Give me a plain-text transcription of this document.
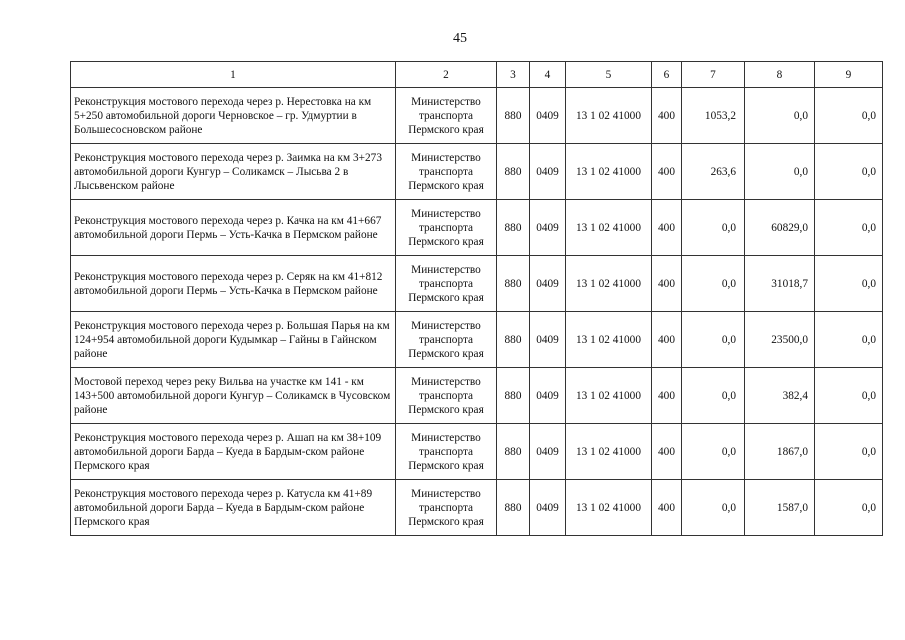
45
1	2	3	4	5	6	7	8	9
Реконструкция мостового перехода через р. Нерестовка на км 5+250 автомобильной дороги Черновское – гр. Удмуртии в Большесосновском районе	Министерство транспорта Пермского края	880	0409	13 1 02 41000	400	1053,2	0,0	0,0
Реконструкция мостового перехода через р. Заимка на км 3+273 автомобильной дороги Кунгур – Соликамск – Лысьва 2 в Лысьвенском районе	Министерство транспорта Пермского края	880	0409	13 1 02 41000	400	263,6	0,0	0,0
Реконструкция мостового перехода через р. Качка на км 41+667 автомобильной дороги Пермь – Усть-Качка в Пермском районе	Министерство транспорта Пермского края	880	0409	13 1 02 41000	400	0,0	60829,0	0,0
Реконструкция мостового перехода через р. Серяк на км 41+812 автомобильной дороги Пермь – Усть-Качка в Пермском районе	Министерство транспорта Пермского края	880	0409	13 1 02 41000	400	0,0	31018,7	0,0
Реконструкция мостового перехода через р. Большая Парья на км 124+954 автомобильной дороги Кудымкар – Гайны в Гайнском районе	Министерство транспорта Пермского края	880	0409	13 1 02 41000	400	0,0	23500,0	0,0
Мостовой переход через реку Вильва на участке км 141 - км 143+500 автомобильной дороги Кунгур – Соликамск в Чусовском районе	Министерство транспорта Пермского края	880	0409	13 1 02 41000	400	0,0	382,4	0,0
Реконструкция мостового перехода через р. Ашап на км 38+109 автомобильной дороги Барда – Куеда в Бардым-ском районе Пермского края	Министерство транспорта Пермского края	880	0409	13 1 02 41000	400	0,0	1867,0	0,0
Реконструкция мостового перехода через р. Катусла км 41+89 автомобильной дороги Барда – Куеда в Бардым-ском районе Пермского края	Министерство транспорта Пермского края	880	0409	13 1 02 41000	400	0,0	1587,0	0,0
